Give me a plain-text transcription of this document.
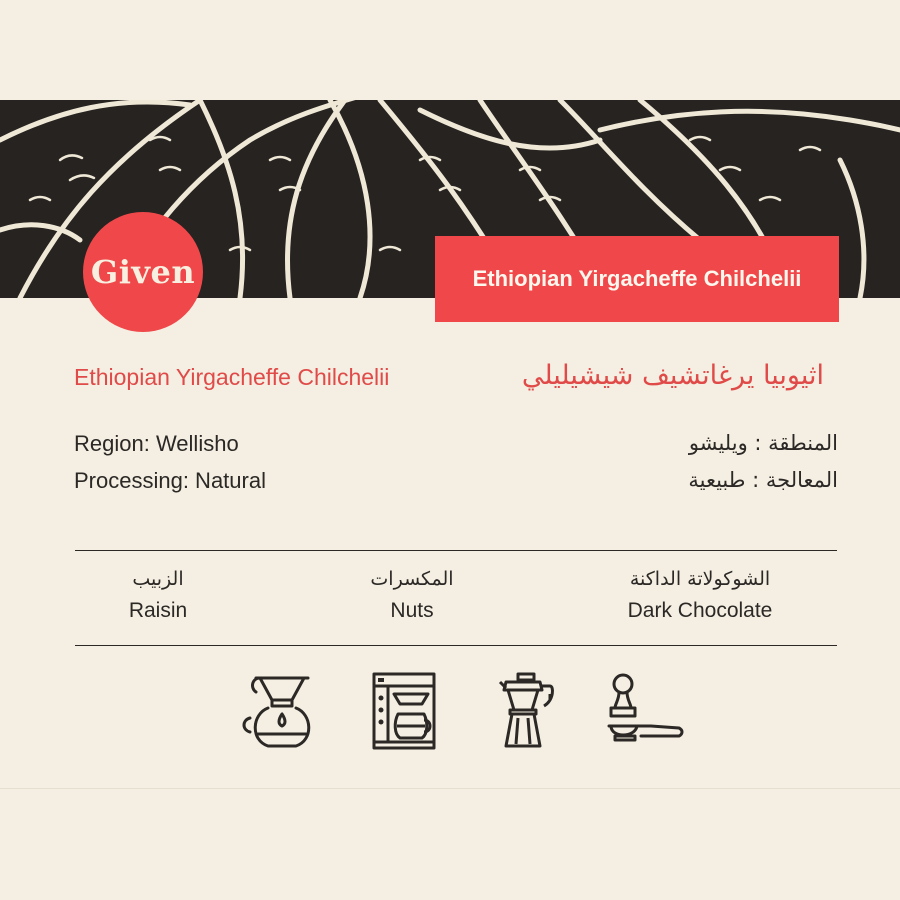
Given	Ethiopian Yirgacheffe Chilchelii
Ethiopian Yirgacheffe Chilchelii	اثيوبيا يرغاتشيف شيشيليلي
Region: Wellisho
Processing: Natural
المنطقة : ويليشو
المعالجة : طبيعية
الزبيب
Raisin
المكسرات
Nuts
الشوكولاتة الداكنة
Dark Chocolate
